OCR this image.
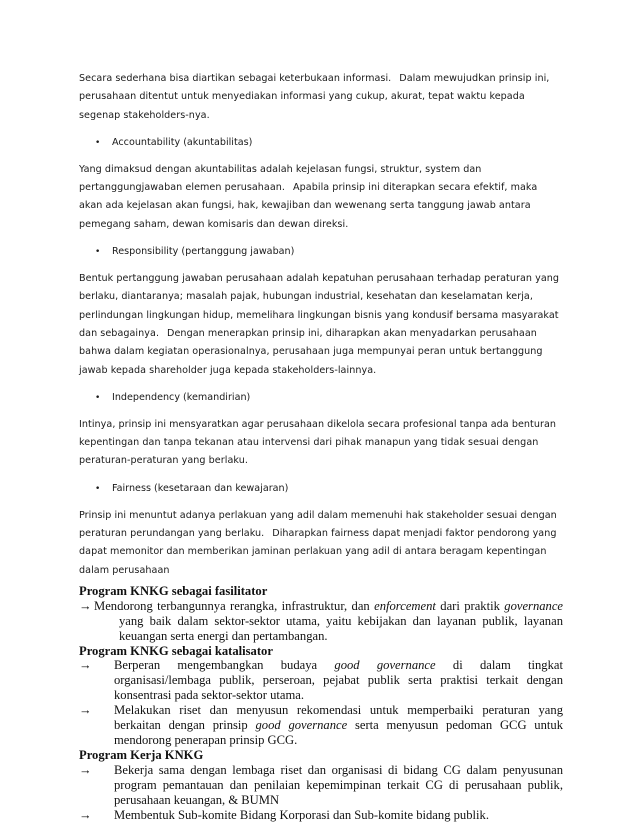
Secara sederhana bisa diartikan sebagai keterbukaan informasi. Dalam mewujudkan prinsip ini, perusahaan ditentut untuk menyediakan informasi yang cukup, akurat, tepat waktu kepada segenap stakeholders-nya.

• Accountability (akuntabilitas)

Yang dimaksud dengan akuntabilitas adalah kejelasan fungsi, struktur, system dan pertanggungjawaban elemen perusahaan. Apabila prinsip ini diterapkan secara efektif, maka akan ada kejelasan akan fungsi, hak, kewajiban dan wewenang serta tanggung jawab antara pemegang saham, dewan komisaris dan dewan direksi.

• Responsibility (pertanggung jawaban)

Bentuk pertanggung jawaban perusahaan adalah kepatuhan perusahaan terhadap peraturan yang berlaku, diantaranya; masalah pajak, hubungan industrial, kesehatan dan keselamatan kerja, perlindungan lingkungan hidup, memelihara lingkungan bisnis yang kondusif bersama masyarakat dan sebagainya. Dengan menerapkan prinsip ini, diharapkan akan menyadarkan perusahaan bahwa dalam kegiatan operasionalnya, perusahaan juga mempunyai peran untuk bertanggung jawab kepada shareholder juga kepada stakeholders-lainnya.

• Independency (kemandirian)

Intinya, prinsip ini mensyaratkan agar perusahaan dikelola secara profesional tanpa ada benturan kepentingan dan tanpa tekanan atau intervensi dari pihak manapun yang tidak sesuai dengan peraturan-peraturan yang berlaku.

• Fairness (kesetaraan dan kewajaran)

Prinsip ini menuntut adanya perlakuan yang adil dalam memenuhi hak stakeholder sesuai dengan peraturan perundangan yang berlaku. Diharapkan fairness dapat menjadi faktor pendorong yang dapat memonitor dan memberikan jaminan perlakuan yang adil di antara beragam kepentingan dalam perusahaan

Program KNKG sebagai fasilitator

→ Mendorong terbangunnya rerangka, infrastruktur, dan enforcement dari praktik governance yang baik dalam sektor-sektor utama, yaitu kebijakan dan layanan publik, layanan keuangan serta energi dan pertambangan.

Program KNKG sebagai katalisator

→ Berperan mengembangkan budaya good governance di dalam tingkat organisasi/lembaga publik, perseroan, pejabat publik serta praktisi terkait dengan konsentrasi pada sektor-sektor utama.

→ Melakukan riset dan menyusun rekomendasi untuk memperbaiki peraturan yang berkaitan dengan prinsip good governance serta menyusun pedoman GCG untuk mendorong penerapan prinsip GCG.

Program Kerja KNKG

→ Bekerja sama dengan lembaga riset dan organisasi di bidang CG dalam penyusunan program pemantauan dan penilaian kepemimpinan terkait CG di perusahaan publik, perusahaan keuangan, & BUMN

→ Membentuk Sub-komite Bidang Korporasi dan Sub-komite bidang publik.
